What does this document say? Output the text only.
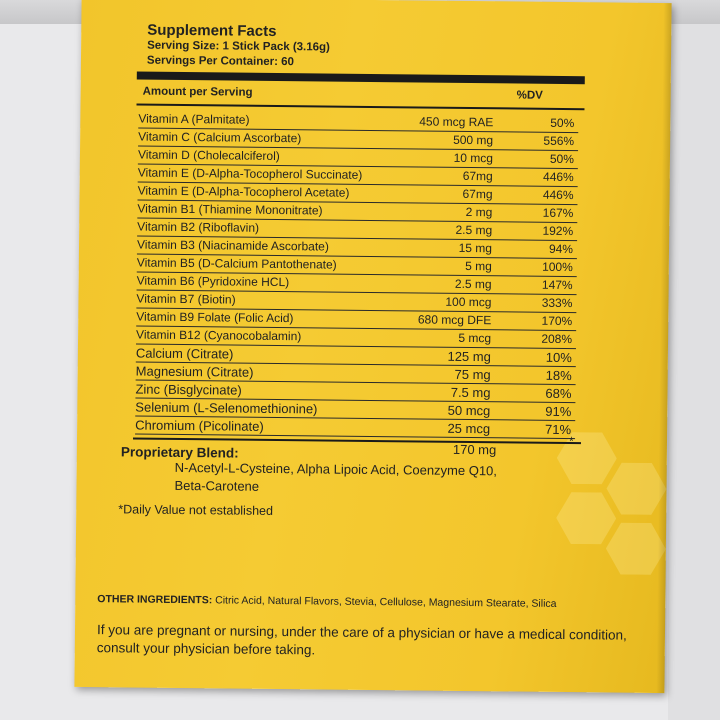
Supplement Facts
Serving Size: 1 Stick Pack (3.16g)
Servings Per Container: 60
Amount per Serving	%DV
Vitamin A (Palmitate)	450 mcg RAE	50%
Vitamin C (Calcium Ascorbate)	500 mg	556%
Vitamin D (Cholecalciferol)	10 mcg	50%
Vitamin E (D-Alpha-Tocopherol Succinate)	67mg	446%
Vitamin E (D-Alpha-Tocopherol Acetate)	67mg	446%
Vitamin B1 (Thiamine Mononitrate)	2 mg	167%
Vitamin B2 (Riboflavin)	2.5 mg	192%
Vitamin B3 (Niacinamide Ascorbate)	15 mg	94%
Vitamin B5 (D-Calcium Pantothenate)	5 mg	100%
Vitamin B6 (Pyridoxine HCL)	2.5 mg	147%
Vitamin B7 (Biotin)	100 mcg	333%
Vitamin B9 Folate (Folic Acid)	680 mcg DFE	170%
Vitamin B12 (Cyanocobalamin)	5 mcg	208%
Calcium (Citrate)	125 mg	10%
Magnesium (Citrate)	75 mg	18%
Zinc (Bisglycinate)	7.5 mg	68%
Selenium (L-Selenomethionine)	50 mcg	91%
Chromium (Picolinate)	25 mcg	71%
*
Proprietary Blend:	170 mg
N-Acetyl-L-Cysteine, Alpha Lipoic Acid, Coenzyme Q10,
Beta-Carotene
*Daily Value not established
OTHER INGREDIENTS: Citric Acid, Natural Flavors, Stevia, Cellulose, Magnesium Stearate, Silica
If you are pregnant or nursing, under the care of a physician or have a medical condition, consult your physician before taking.
